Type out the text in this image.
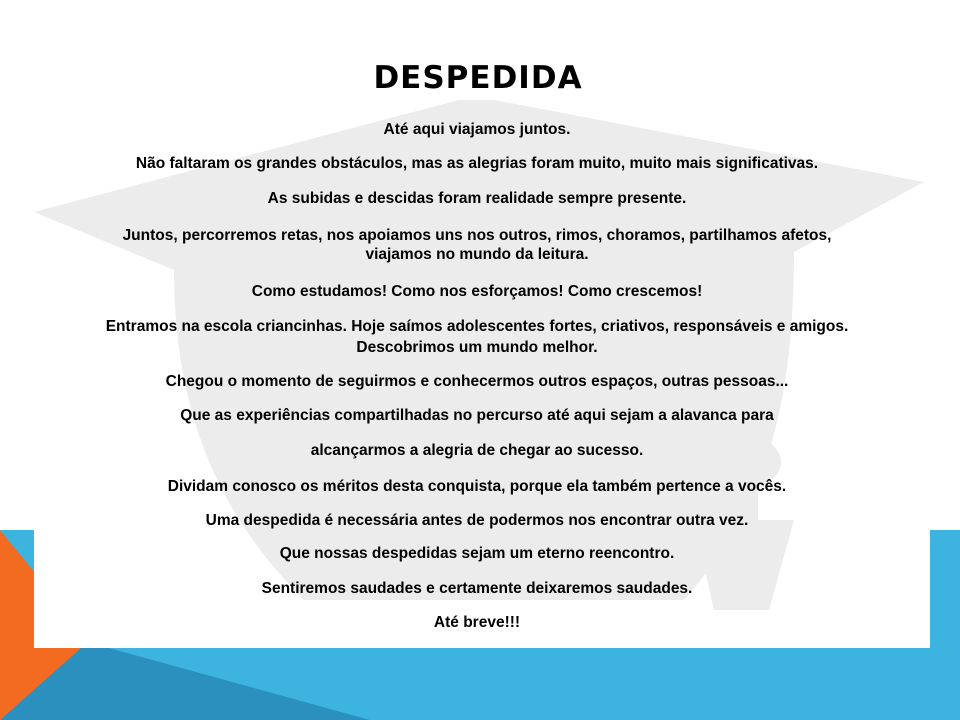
DESPEDIDA

Até aqui viajamos juntos.

Não faltaram os grandes obstáculos, mas as alegrias foram muito, muito mais significativas.

As subidas e descidas foram realidade sempre presente.

Juntos, percorremos retas, nos apoiamos uns nos outros, rimos, choramos, partilhamos afetos,

viajamos no mundo da leitura.

Como estudamos! Como nos esforçamos! Como crescemos!

Entramos na escola criancinhas. Hoje saímos adolescentes fortes, criativos, responsáveis e amigos.

Descobrimos um mundo melhor.

Chegou o momento de seguirmos e conhecermos outros espaços, outras pessoas...

Que as experiências compartilhadas no percurso até aqui sejam a alavanca para

alcançarmos a alegria de chegar ao sucesso.

Dividam conosco os méritos desta conquista, porque ela também pertence a vocês.

Uma despedida é necessária antes de podermos nos encontrar outra vez.

Que nossas despedidas sejam um eterno reencontro.

Sentiremos saudades e certamente deixaremos saudades.

Até breve!!!
